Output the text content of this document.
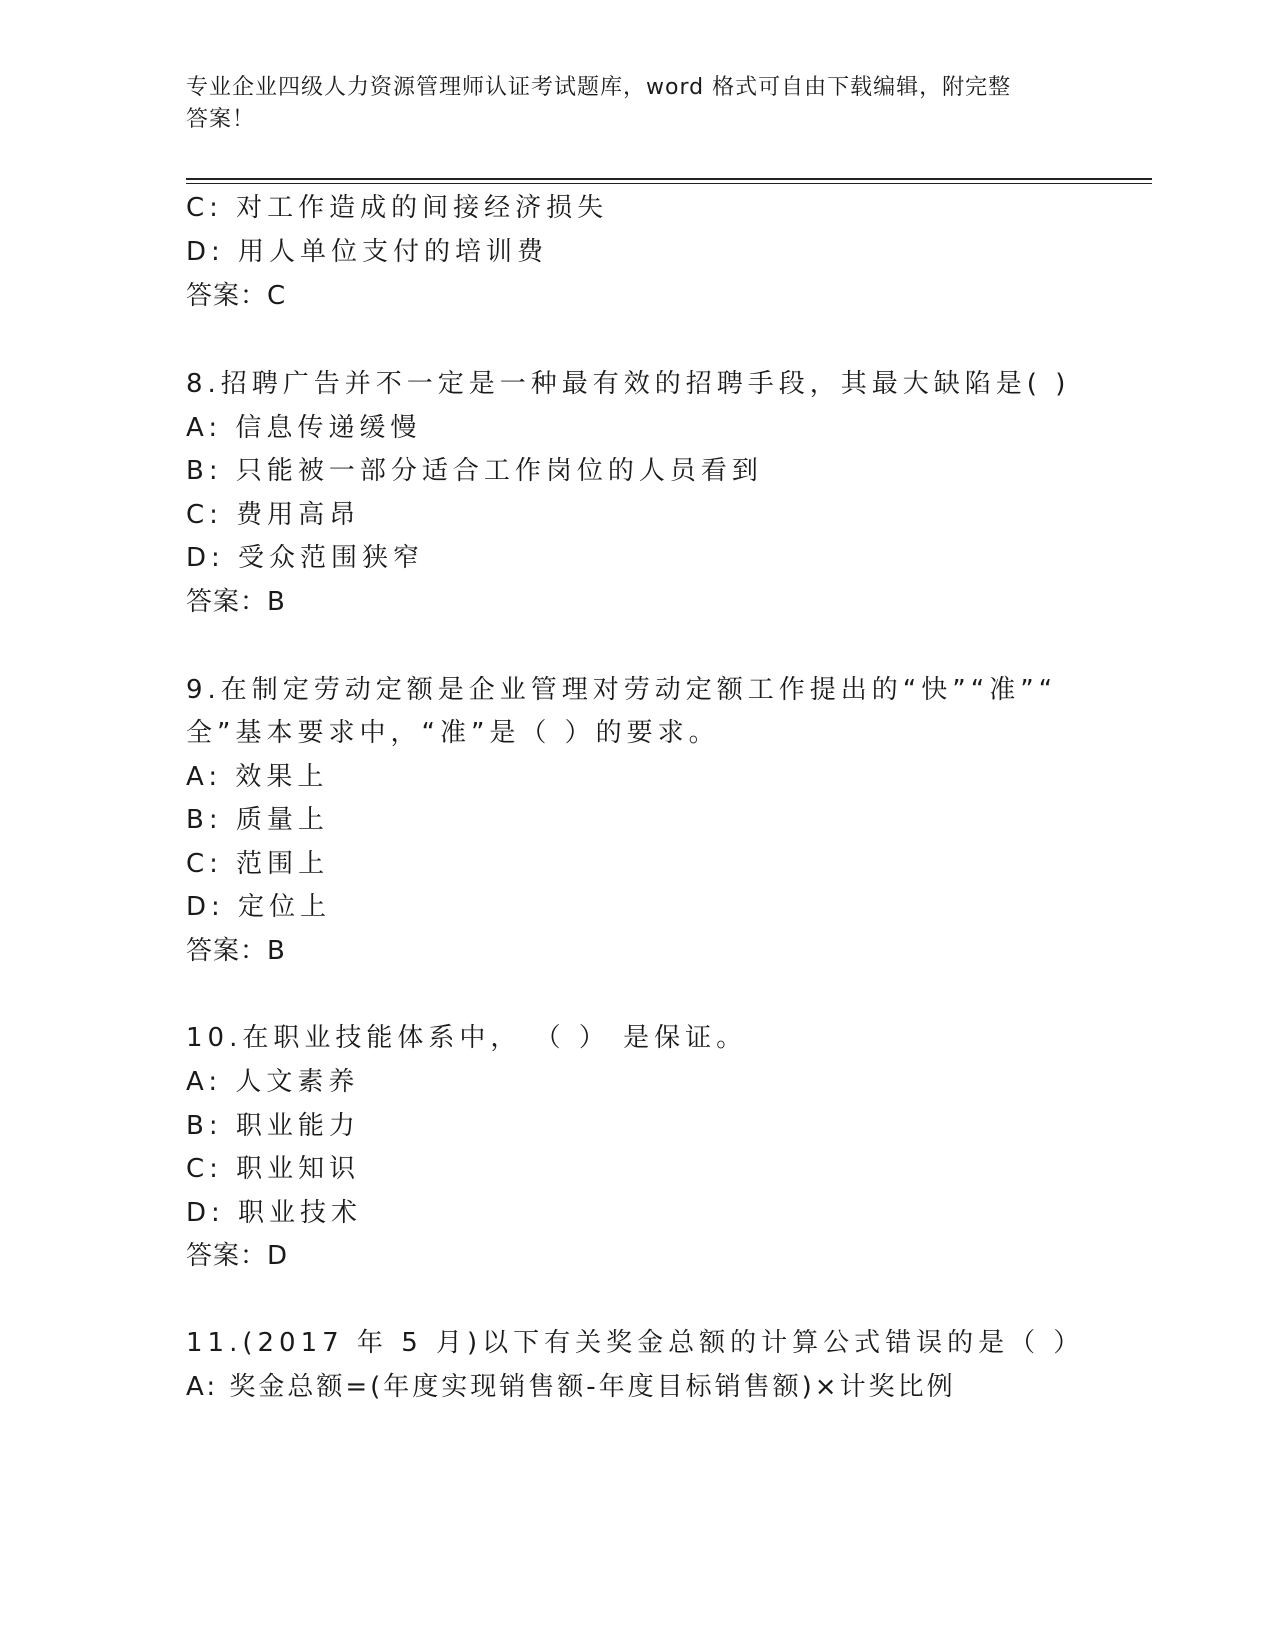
专业企业四级人力资源管理师认证考试题库，word 格式可自由下载编辑，附完整
答案！
C: 对工作造成的间接经济损失
D: 用人单位支付的培训费
答案：C
8.招聘广告并不一定是一种最有效的招聘手段，其最大缺陷是( )
A: 信息传递缓慢
B: 只能被一部分适合工作岗位的人员看到
C: 费用高昂
D: 受众范围狭窄
答案：B
9.在制定劳动定额是企业管理对劳动定额工作提出的“快”“准”“
全”基本要求中，“准”是（ ）的要求。
A: 效果上
B: 质量上
C: 范围上
D: 定位上
答案：B
10.在职业技能体系中， （ ） 是保证。
A: 人文素养
B: 职业能力
C: 职业知识
D: 职业技术
答案：D
11.(2017 年 5 月)以下有关奖金总额的计算公式错误的是（ ）
A: 奖金总额=(年度实现销售额-年度目标销售额)×计奖比例
